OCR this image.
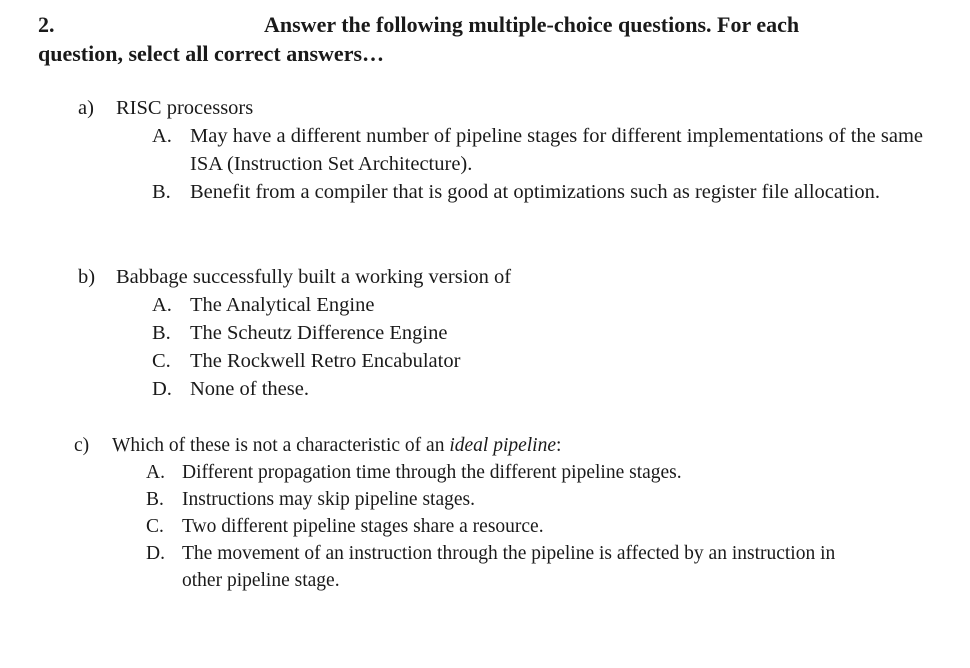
2.	Answer the following multiple-choice questions. For each
question, select all correct answers…
a) RISC processors
A. May have a different number of pipeline stages for different implementations of the same ISA (Instruction Set Architecture).
B. Benefit from a compiler that is good at optimizations such as register file allocation.
b) Babbage successfully built a working version of
A. The Analytical Engine
B. The Scheutz Difference Engine
C. The Rockwell Retro Encabulator
D. None of these.
c) Which of these is not a characteristic of an ideal pipeline:
A. Different propagation time through the different pipeline stages.
B. Instructions may skip pipeline stages.
C. Two different pipeline stages share a resource.
D. The movement of an instruction through the pipeline is affected by an instruction in other pipeline stage.
